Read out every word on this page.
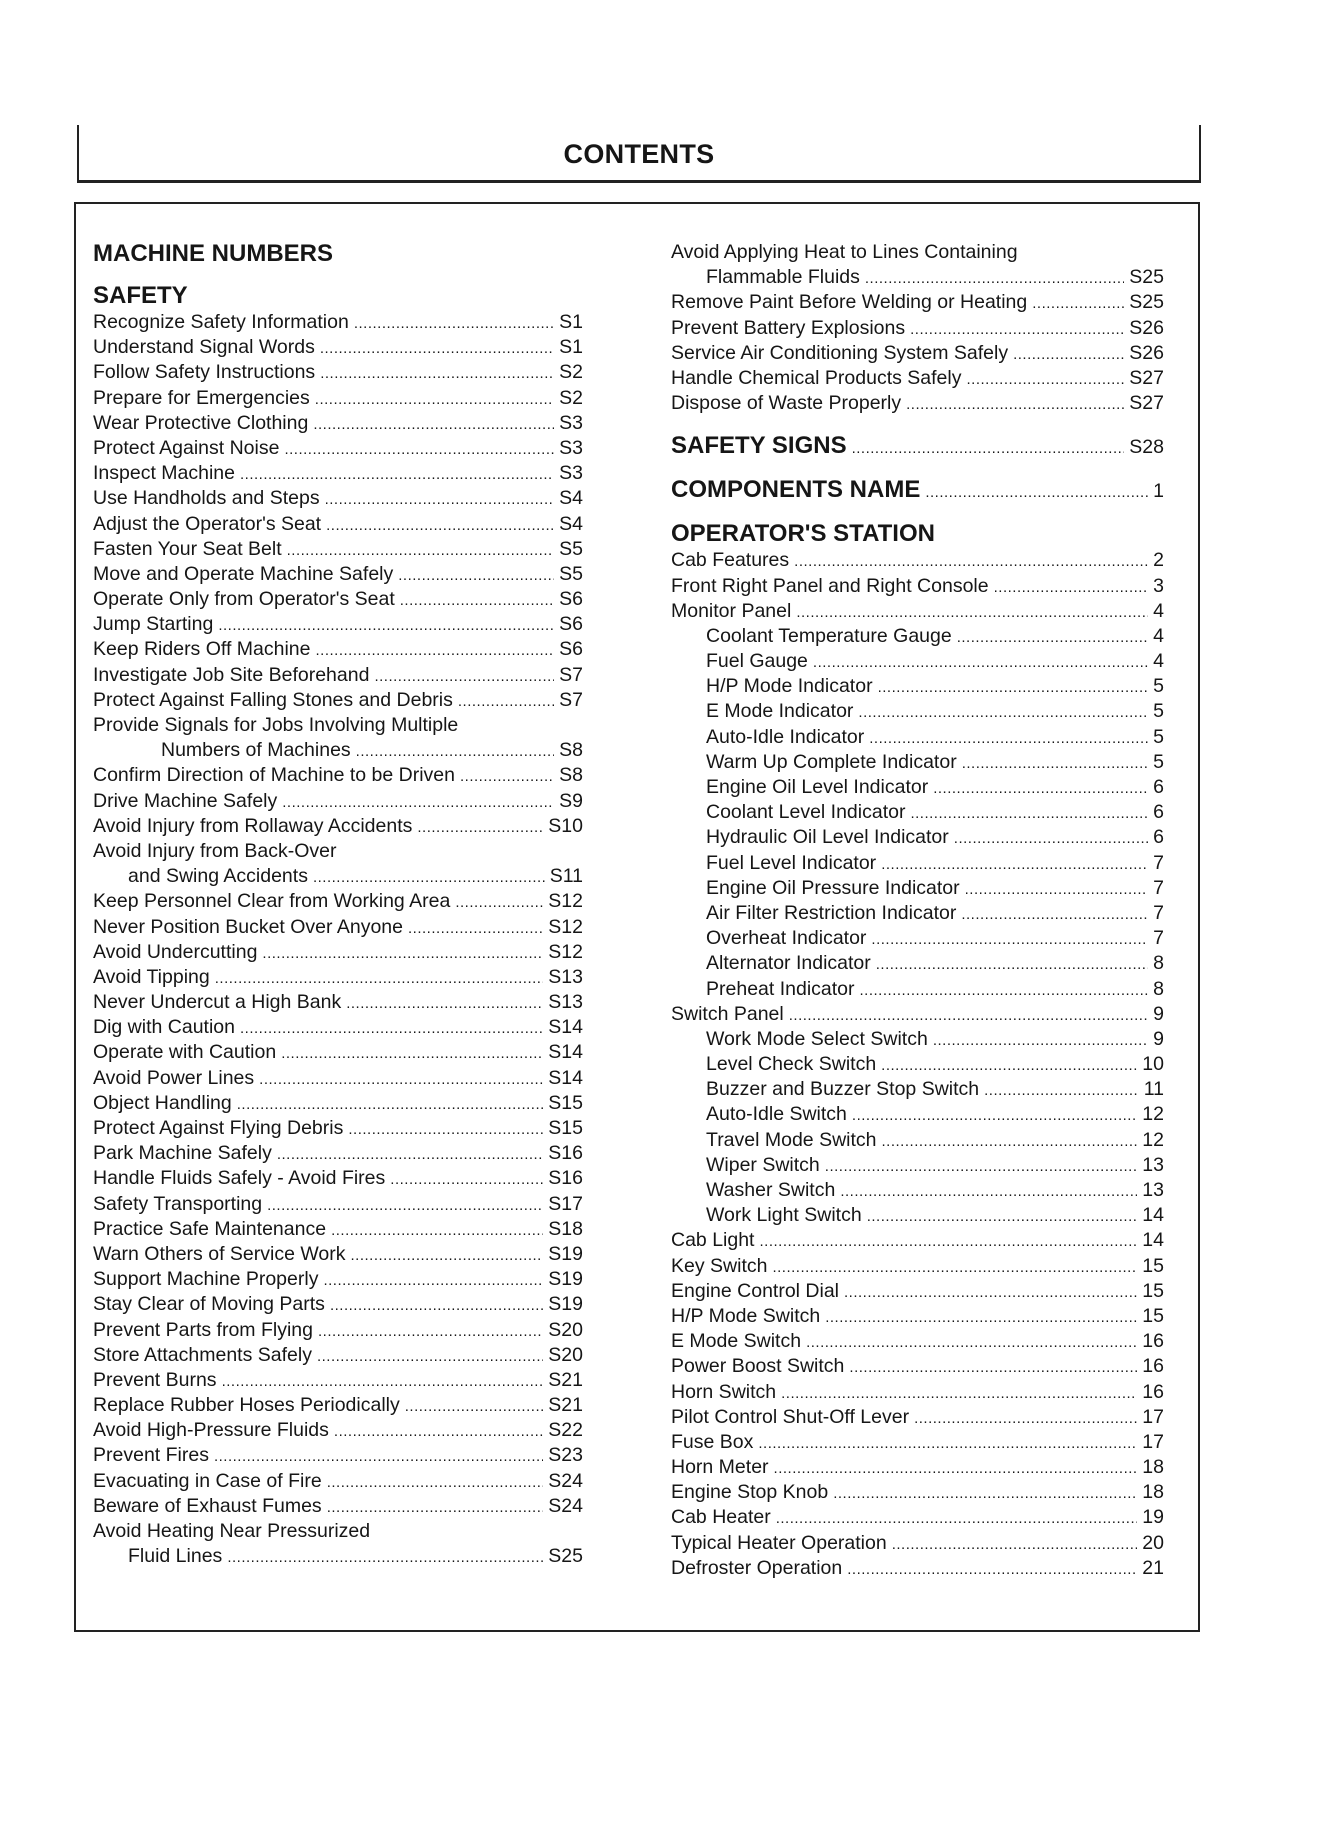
CONTENTS
MACHINE NUMBERS
SAFETY
Recognize Safety Information .....	S1
Understand Signal Words .....	S1
Follow Safety Instructions .....	S2
Prepare for Emergencies .....	S2
Wear Protective Clothing .....	S3
Protect Against Noise .....	S3
Inspect Machine .....	S3
Use Handholds and Steps .....	S4
Adjust the Operator's Seat .....	S4
Fasten Your Seat Belt .....	S5
Move and Operate Machine Safely .....	S5
Operate Only from Operator's Seat .....	S6
Jump Starting .....	S6
Keep Riders Off Machine .....	S6
Investigate Job Site Beforehand .....	S7
Protect Against Falling Stones and Debris .....	S7
Provide Signals for Jobs Involving Multiple
Numbers of Machines .....	S8
Confirm Direction of Machine to be Driven .....	S8
Drive Machine Safely .....	S9
Avoid Injury from Rollaway Accidents .....	S10
Avoid Injury from Back-Over
and Swing Accidents .....	S11
Keep Personnel Clear from Working Area .....	S12
Never Position Bucket Over Anyone .....	S12
Avoid Undercutting .....	S12
Avoid Tipping .....	S13
Never Undercut a High Bank .....	S13
Dig with Caution .....	S14
Operate with Caution .....	S14
Avoid Power Lines .....	S14
Object Handling .....	S15
Protect Against Flying Debris .....	S15
Park Machine Safely .....	S16
Handle Fluids Safely - Avoid Fires .....	S16
Safety Transporting .....	S17
Practice Safe Maintenance .....	S18
Warn Others of Service Work .....	S19
Support Machine Properly .....	S19
Stay Clear of Moving Parts .....	S19
Prevent Parts from Flying .....	S20
Store Attachments Safely .....	S20
Prevent Burns .....	S21
Replace Rubber Hoses Periodically .....	S21
Avoid High-Pressure Fluids .....	S22
Prevent Fires .....	S23
Evacuating in Case of Fire .....	S24
Beware of Exhaust Fumes .....	S24
Avoid Heating Near Pressurized
Fluid Lines .....	S25
Avoid Applying Heat to Lines Containing
Flammable Fluids .....	S25
Remove Paint Before Welding or Heating .....	S25
Prevent Battery Explosions .....	S26
Service Air Conditioning System Safely .....	S26
Handle Chemical Products Safely .....	S27
Dispose of Waste Properly .....	S27
SAFETY SIGNS .....	S28
COMPONENTS NAME .....	1
OPERATOR'S STATION
Cab Features .....	2
Front Right Panel and Right Console .....	3
Monitor Panel .....	4
Coolant Temperature Gauge .....	4
Fuel Gauge .....	4
H/P Mode Indicator .....	5
E Mode Indicator .....	5
Auto-Idle Indicator .....	5
Warm Up Complete Indicator .....	5
Engine Oil Level Indicator .....	6
Coolant Level Indicator .....	6
Hydraulic Oil Level Indicator .....	6
Fuel Level Indicator .....	7
Engine Oil Pressure Indicator .....	7
Air Filter Restriction Indicator .....	7
Overheat Indicator .....	7
Alternator Indicator .....	8
Preheat Indicator .....	8
Switch Panel .....	9
Work Mode Select Switch .....	9
Level Check Switch .....	10
Buzzer and Buzzer Stop Switch .....	11
Auto-Idle Switch .....	12
Travel Mode Switch .....	12
Wiper Switch .....	13
Washer Switch .....	13
Work Light Switch .....	14
Cab Light .....	14
Key Switch .....	15
Engine Control Dial .....	15
H/P Mode Switch .....	15
E Mode Switch .....	16
Power Boost Switch .....	16
Horn Switch .....	16
Pilot Control Shut-Off Lever .....	17
Fuse Box .....	17
Horn Meter .....	18
Engine Stop Knob .....	18
Cab Heater .....	19
Typical Heater Operation .....	20
Defroster Operation .....	21
